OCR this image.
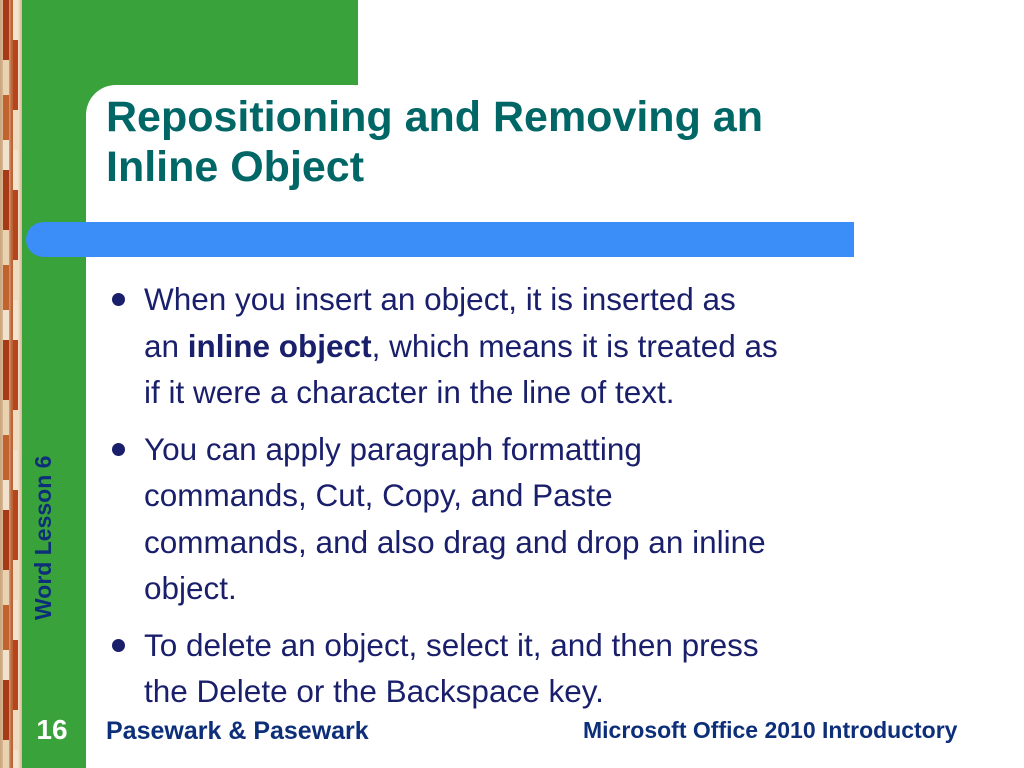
Repositioning and Removing an
Inline Object
When you insert an object, it is inserted as
an inline object, which means it is treated as
if it were a character in the line of text.
You can apply paragraph formatting
commands, Cut, Copy, and Paste
commands, and also drag and drop an inline
object.
To delete an object, select it, and then press
the Delete or the Backspace key.
Word Lesson 6
16	Pasewark & Pasewark	Microsoft Office 2010 Introductory
